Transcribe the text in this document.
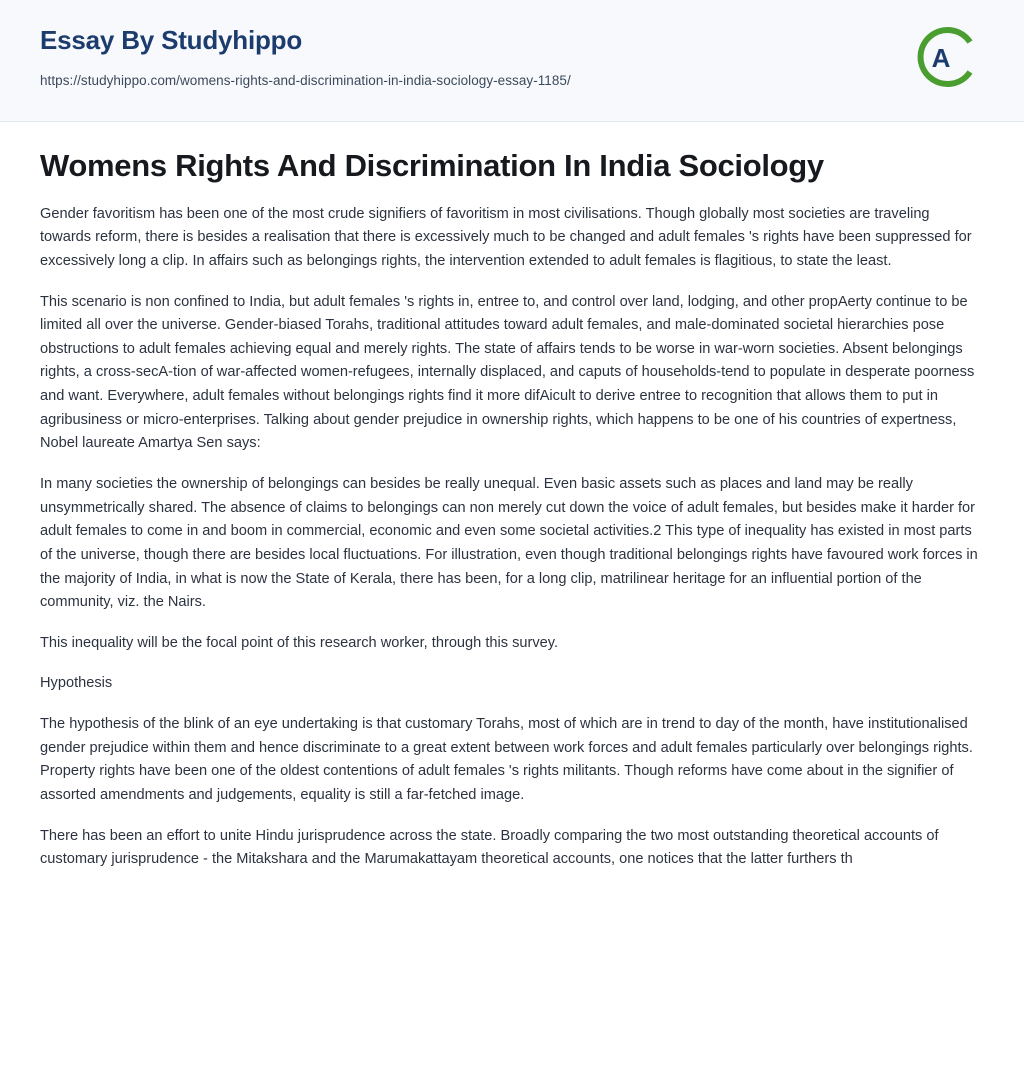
Essay By Studyhippo
https://studyhippo.com/womens-rights-and-discrimination-in-india-sociology-essay-1185/
A
Womens Rights And Discrimination In India Sociology

Gender favoritism has been one of the most crude signifiers of favoritism in most civilisations. Though globally most societies are traveling towards reform, there is besides a realisation that there is excessively much to be changed and adult females 's rights have been suppressed for excessively long a clip. In affairs such as belongings rights, the intervention extended to adult females is flagitious, to state the least.

This scenario is non confined to India, but adult females 's rights in, entree to, and control over land, lodging, and other propAerty continue to be limited all over the universe. Gender-biased Torahs, traditional attitudes toward adult females, and male-dominated societal hierarchies pose obstructions to adult females achieving equal and merely rights. The state of affairs tends to be worse in war-worn societies. Absent belongings rights, a cross-secA-tion of war-affected women-refugees, internally displaced, and caputs of households-tend to populate in desperate poorness and want. Everywhere, adult females without belongings rights find it more difAicult to derive entree to recognition that allows them to put in agribusiness or micro-enterprises. Talking about gender prejudice in ownership rights, which happens to be one of his countries of expertness, Nobel laureate Amartya Sen says:

In many societies the ownership of belongings can besides be really unequal. Even basic assets such as places and land may be really unsymmetrically shared. The absence of claims to belongings can non merely cut down the voice of adult females, but besides make it harder for adult females to come in and boom in commercial, economic and even some societal activities.2 This type of inequality has existed in most parts of the universe, though there are besides local fluctuations. For illustration, even though traditional belongings rights have favoured work forces in the majority of India, in what is now the State of Kerala, there has been, for a long clip, matrilinear heritage for an influential portion of the community, viz. the Nairs.

This inequality will be the focal point of this research worker, through this survey.

Hypothesis

The hypothesis of the blink of an eye undertaking is that customary Torahs, most of which are in trend to day of the month, have institutionalised gender prejudice within them and hence discriminate to a great extent between work forces and adult females particularly over belongings rights. Property rights have been one of the oldest contentions of adult females 's rights militants. Though reforms have come about in the signifier of assorted amendments and judgements, equality is still a far-fetched image.

There has been an effort to unite Hindu jurisprudence across the state. Broadly comparing the two most outstanding theoretical accounts of customary jurisprudence - the Mitakshara and the Marumakattayam theoretical accounts, one notices that the latter furthers th
